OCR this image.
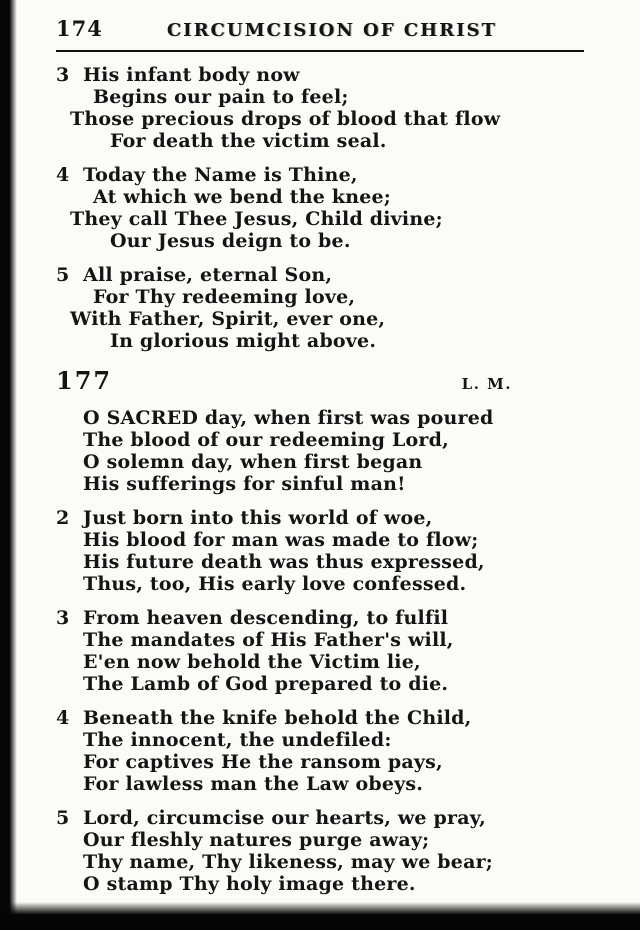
174	CIRCUMCISION OF CHRIST
3 His infant body now
Begins our pain to feel;
Those precious drops of blood that flow
For death the victim seal.
4 Today the Name is Thine,
At which we bend the knee;
They call Thee Jesus, Child divine;
Our Jesus deign to be.
5 All praise, eternal Son,
For Thy redeeming love,
With Father, Spirit, ever one,
In glorious might above.
177	L. M.
O SACRED day, when first was poured
The blood of our redeeming Lord,
O solemn day, when first began
His sufferings for sinful man!
2 Just born into this world of woe,
His blood for man was made to flow;
His future death was thus expressed,
Thus, too, His early love confessed.
3 From heaven descending, to fulfil
The mandates of His Father's will,
E'en now behold the Victim lie,
The Lamb of God prepared to die.
4 Beneath the knife behold the Child,
The innocent, the undefiled:
For captives He the ransom pays,
For lawless man the Law obeys.
5 Lord, circumcise our hearts, we pray,
Our fleshly natures purge away;
Thy name, Thy likeness, may we bear;
O stamp Thy holy image there.
